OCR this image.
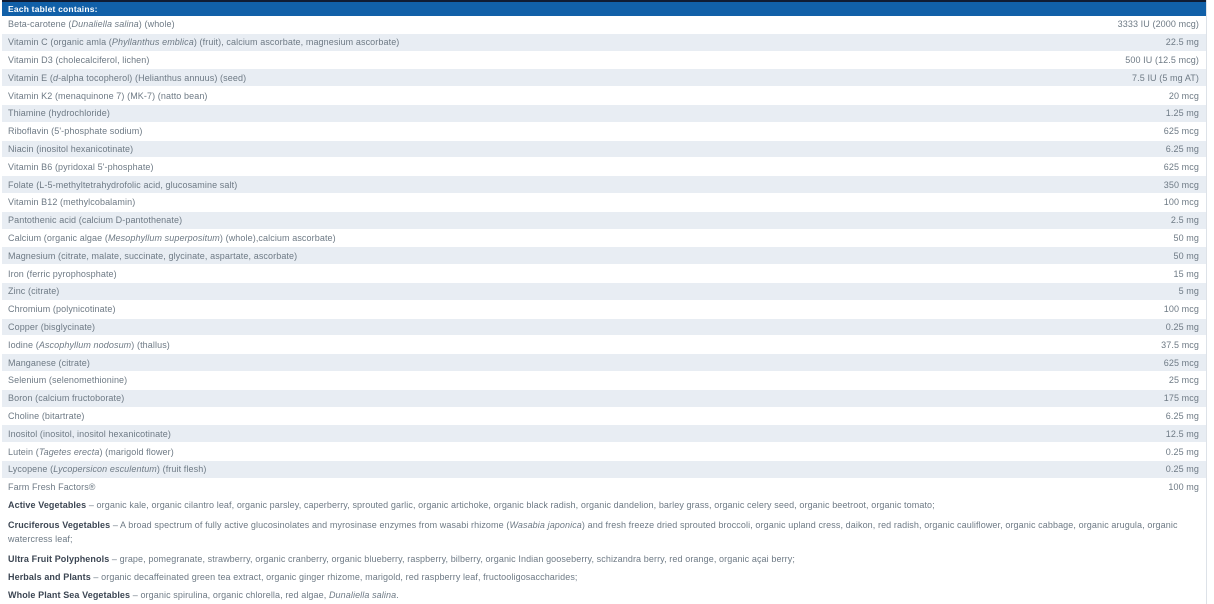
Each tablet contains:
Beta-carotene (Dunaliella salina) (whole)	3333 IU (2000 mcg)
Vitamin C (organic amla (Phyllanthus emblica) (fruit), calcium ascorbate, magnesium ascorbate)	22.5 mg
Vitamin D3 (cholecalciferol, lichen)	500 IU (12.5 mcg)
Vitamin E (d-alpha tocopherol) (Helianthus annuus) (seed)	7.5 IU (5 mg AT)
Vitamin K2 (menaquinone 7) (MK-7) (natto bean)	20 mcg
Thiamine (hydrochloride)	1.25 mg
Riboflavin (5'-phosphate sodium)	625 mcg
Niacin (inositol hexanicotinate)	6.25 mg
Vitamin B6 (pyridoxal 5'-phosphate)	625 mcg
Folate (L-5-methyltetrahydrofolic acid, glucosamine salt)	350 mcg
Vitamin B12 (methylcobalamin)	100 mcg
Pantothenic acid (calcium D-pantothenate)	2.5 mg
Calcium (organic algae (Mesophyllum superpositum) (whole),calcium ascorbate)	50 mg
Magnesium (citrate, malate, succinate, glycinate, aspartate, ascorbate)	50 mg
Iron (ferric pyrophosphate)	15 mg
Zinc (citrate)	5 mg
Chromium (polynicotinate)	100 mcg
Copper (bisglycinate)	0.25 mg
Iodine (Ascophyllum nodosum) (thallus)	37.5 mcg
Manganese (citrate)	625 mcg
Selenium (selenomethionine)	25 mcg
Boron (calcium fructoborate)	175 mcg
Choline (bitartrate)	6.25 mg
Inositol (inositol, inositol hexanicotinate)	12.5 mg
Lutein (Tagetes erecta) (marigold flower)	0.25 mg
Lycopene (Lycopersicon esculentum) (fruit flesh)	0.25 mg
Farm Fresh Factors®	100 mg
Active Vegetables – organic kale, organic cilantro leaf, organic parsley, caperberry, sprouted garlic, organic artichoke, organic black radish, organic dandelion, barley grass, organic celery seed, organic beetroot, organic tomato;
Cruciferous Vegetables – A broad spectrum of fully active glucosinolates and myrosinase enzymes from wasabi rhizome (Wasabia japonica) and fresh freeze dried sprouted broccoli, organic upland cress, daikon, red radish, organic cauliflower, organic cabbage, organic arugula, organic watercress leaf;
Ultra Fruit Polyphenols – grape, pomegranate, strawberry, organic cranberry, organic blueberry, raspberry, bilberry, organic Indian gooseberry, schizandra berry, red orange, organic açai berry;
Herbals and Plants – organic decaffeinated green tea extract, organic ginger rhizome, marigold, red raspberry leaf, fructooligosaccharides;
Whole Plant Sea Vegetables – organic spirulina, organic chlorella, red algae, Dunaliella salina.
